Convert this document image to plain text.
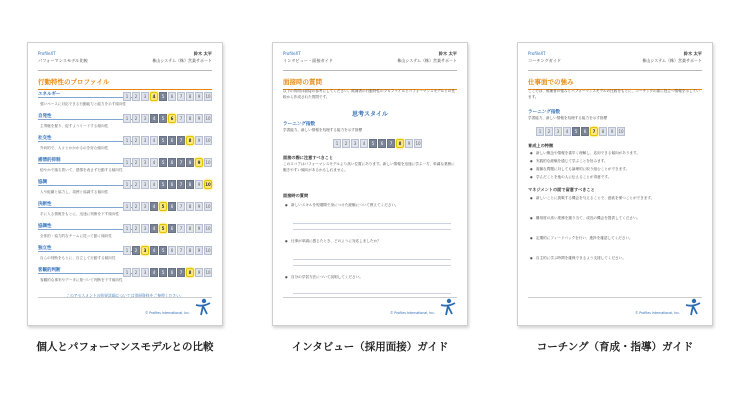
ProfileXT
パフォーマンスモデル比較
鈴木 太平
株山システム（株）営業サポート
行動特性のプロファイル
エネルギー
強いペースに対応できる行動能力と能力を示す傾向性
1	2	3	4	5	6	7	8	9	10
自発性
主導権を握り、促すようリードする傾向性
1	2	3	4	5	6	7	8	9	10
社交性
外向的で、人々とかかわるのを好む傾向性
1	2	3	4	5	6	7	8	9	10
感情的抑制
穏やかで落ち着いて、感情を表さず行動する傾向性
1	2	3	4	5	6	7	8	9	10
協調
人や組織と協力し、周囲と協調する傾向性
1	2	3	4	5	6	7	8	9	10
決断性
手に入る情報をもとに、迅速に判断を下す傾向性
1	2	3	4	5	6	7	8	9	10
協調性
全体的・協力的なチームに従って動く傾向性
1	2	3	4	5	6	7	8	9	10
独立性
自らの判断をもとに、自立して行動する傾向性
1	2	3	4	5	6	7	8	9	10
客観的判断
客観的な事実やデータに基づいて判断を下す傾向性
1	2	3	4	5	6	7	8	9	10
このアセスメントの結果詳細については別冊資料をご参照ください。
© Profiles International, Inc.
ProfileXT
インタビュー・面接ガイド
鈴木 太平
株山システム（株）営業サポート
面接時の質問
以下の質問は面接の参考にしてください。候補者の行動特性のプロファイルとパフォーマンスモデルとの比較から作成された質問です。
思考スタイル
ラーニング指数
学習能力、新しい情報を処理する能力を示す指標
1	2	3	4	5	6	7	8	9	10
面接の際に注意すべきこと
このスコアはパフォーマンスモデルより高い位置にあります。新しい情報を迅速に学ぶ一方、単調な業務に飽きやすい傾向があるかもしれません。
面接時の質問
● 新しいスキルを短期間で身につけた経験について教えてください。
● 仕事が単調に感じたとき、どのように対応しましたか？
● 自分の学習方法について説明してください。
© Profiles International, Inc.
ProfileXT
コーチングガイド
鈴木 太平
株山システム（株）営業サポート
仕事面での強み
ここでは、候補者の強みとパフォーマンスモデルの比較をもとに、コーチングの際に役立つ情報を示しています。
ラーニング指数
学習能力、新しい情報を処理する能力を示す指標
1	2	3	4	5	6	7	8	9	10
育成上の特徴
● 新しい概念や情報を素早く理解し、応用できる傾向があります。
● 実践的な経験を通じて学ぶことを好みます。
● 複雑な問題に対しても論理的に取り組むことができます。
● 学んだことを他の人に伝えることが得意です。
マネジメントの面で留意すべきこと
● 新しいことに挑戦する機会を与えることで、意欲を保つことができます。
● 難易度の高い業務を割り当て、成長の機会を提供してください。
● 定期的にフィードバックを行い、進捗を確認してください。
● 自主的に学ぶ時間を確保できるよう支援してください。
© Profiles International, Inc.
個人とパフォーマンスモデルとの比較	インタビュー（採用面接）ガイド	コーチング（育成・指導）ガイド
